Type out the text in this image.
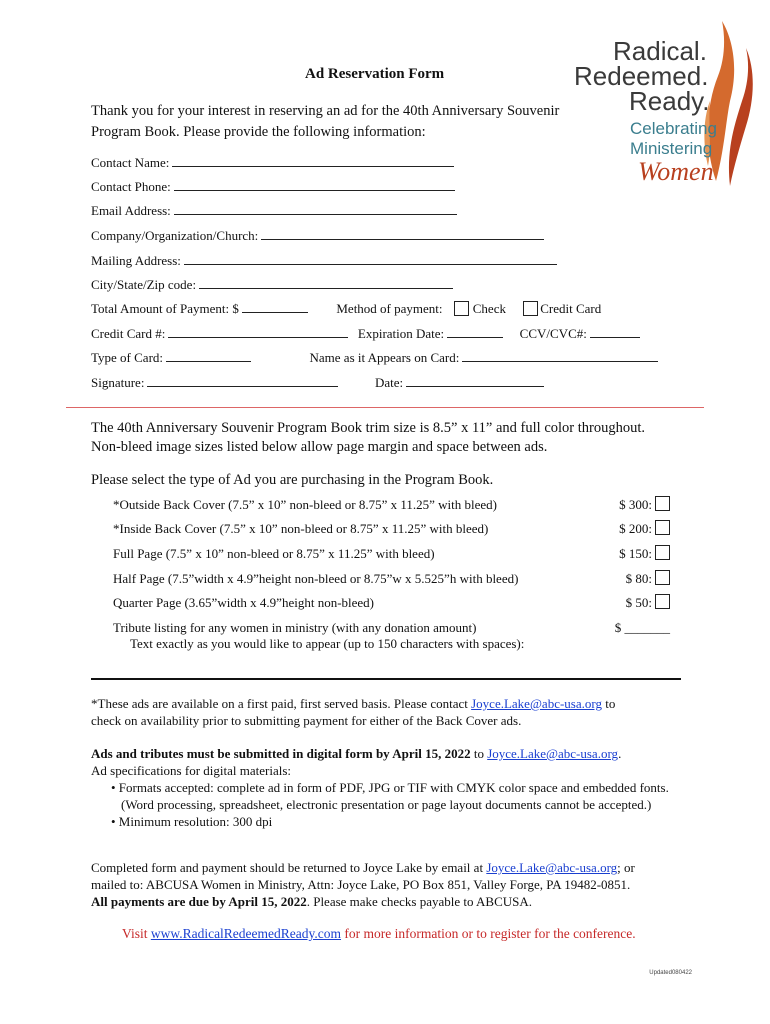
Radical.
Redeemed.
Ready.
Celebrating
Ministering
Women
Ad Reservation Form
Thank you for your interest in reserving an ad for the 40th Anniversary Souvenir Program Book. Please provide the following information:
Contact Name:
Contact Phone:
Email Address:
Company/Organization/Church:
Mailing Address:
City/State/Zip code:
Total Amount of Payment: $	Method of payment: Check	Credit Card
Credit Card #:	Expiration Date:	CCV/CVC#:
Type of Card:	Name as it Appears on Card:
Signature:	Date:
The 40th Anniversary Souvenir Program Book trim size is 8.5” x 11” and full color throughout.
Non-bleed image sizes listed below allow page margin and space between ads.
Please select the type of Ad you are purchasing in the Program Book.
*Outside Back Cover (7.5” x 10” non-bleed or 8.75” x 11.25” with bleed)	$ 300:
*Inside Back Cover (7.5” x 10” non-bleed or 8.75” x 11.25” with bleed)	$ 200:
Full Page (7.5” x 10” non-bleed or 8.75” x 11.25” with bleed)	$ 150:
Half Page (7.5”width x 4.9”height non-bleed or 8.75”w x 5.525”h with bleed)	$ 80:
Quarter Page (3.65”width x 4.9”height non-bleed)	$ 50:
Tribute listing for any women in ministry (with any donation amount)
Text exactly as you would like to appear (up to 150 characters with spaces):
$ _______
*These ads are available on a first paid, first served basis. Please contact Joyce.Lake@abc-usa.org to
check on availability prior to submitting payment for either of the Back Cover ads.
Ads and tributes must be submitted in digital form by April 15, 2022 to Joyce.Lake@abc-usa.org.
Ad specifications for digital materials:
• Formats accepted: complete ad in form of PDF, JPG or TIF with CMYK color space and embedded fonts. (Word processing, spreadsheet, electronic presentation or page layout documents cannot be accepted.)
• Minimum resolution: 300 dpi
Completed form and payment should be returned to Joyce Lake by email at Joyce.Lake@abc-usa.org; or
mailed to: ABCUSA Women in Ministry, Attn: Joyce Lake, PO Box 851, Valley Forge, PA 19482-0851.
All payments are due by April 15, 2022. Please make checks payable to ABCUSA.
Visit www.RadicalRedeemedReady.com for more information or to register for the conference.
Updated080422
